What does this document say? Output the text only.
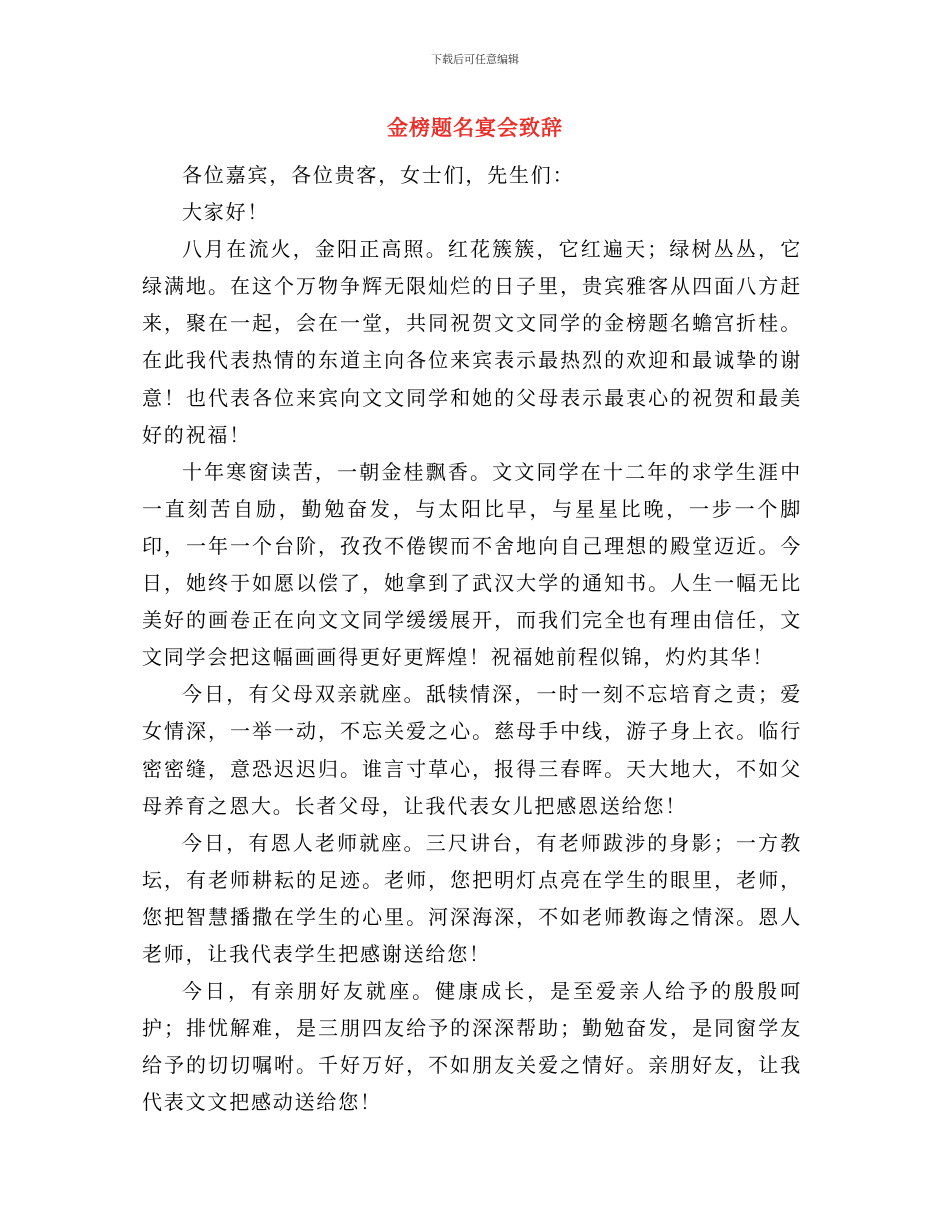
下载后可任意编辑
金榜题名宴会致辞

各位嘉宾，各位贵客，女士们，先生们：

大家好！

八月在流火，金阳正高照。红花簇簇，它红遍天；绿树丛丛，它绿满地。在这个万物争辉无限灿烂的日子里，贵宾雅客从四面八方赶来，聚在一起，会在一堂，共同祝贺文文同学的金榜题名蟾宫折桂。在此我代表热情的东道主向各位来宾表示最热烈的欢迎和最诚挚的谢意！也代表各位来宾向文文同学和她的父母表示最衷心的祝贺和最美好的祝福！

十年寒窗读苦，一朝金桂飘香。文文同学在十二年的求学生涯中一直刻苦自励，勤勉奋发，与太阳比早，与星星比晚，一步一个脚印，一年一个台阶，孜孜不倦锲而不舍地向自己理想的殿堂迈近。今日，她终于如愿以偿了，她拿到了武汉大学的通知书。人生一幅无比美好的画卷正在向文文同学缓缓展开，而我们完全也有理由信任，文文同学会把这幅画画得更好更辉煌！祝福她前程似锦，灼灼其华！

今日，有父母双亲就座。舐犊情深，一时一刻不忘培育之责；爱女情深，一举一动，不忘关爱之心。慈母手中线，游子身上衣。临行密密缝，意恐迟迟归。谁言寸草心，报得三春晖。天大地大，不如父母养育之恩大。长者父母，让我代表女儿把感恩送给您！

今日，有恩人老师就座。三尺讲台，有老师跋涉的身影；一方教坛，有老师耕耘的足迹。老师，您把明灯点亮在学生的眼里，老师，您把智慧播撒在学生的心里。河深海深，不如老师教诲之情深。恩人老师，让我代表学生把感谢送给您！

今日，有亲朋好友就座。健康成长，是至爱亲人给予的殷殷呵护；排忧解难，是三朋四友给予的深深帮助；勤勉奋发，是同窗学友给予的切切嘱咐。千好万好，不如朋友关爱之情好。亲朋好友，让我代表文文把感动送给您！
